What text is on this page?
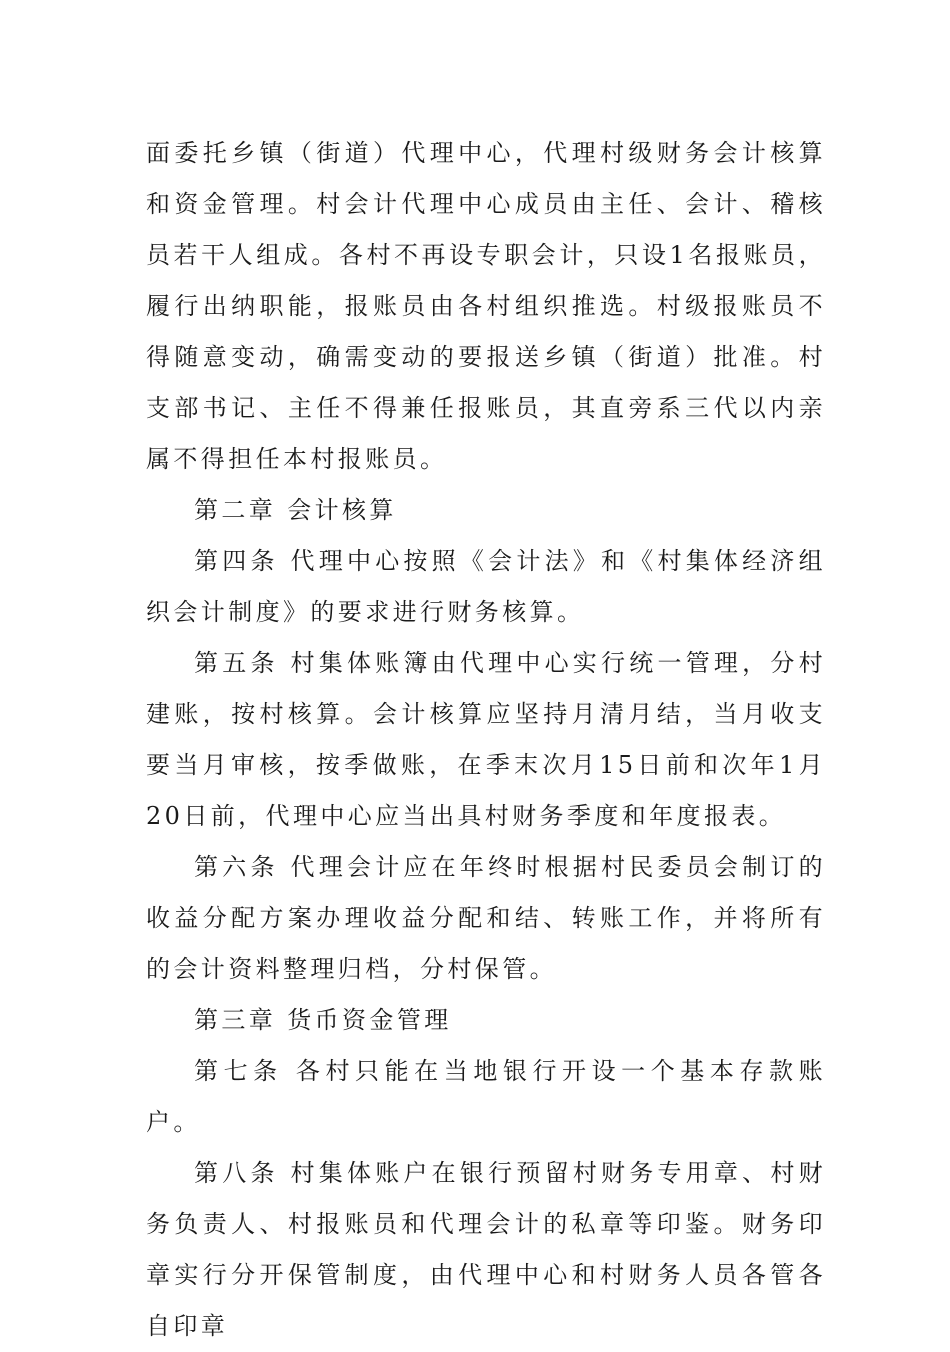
面委托乡镇（街道）代理中心，代理村级财务会计核算和资金管理。村会计代理中心成员由主任、会计、稽核员若干人组成。各村不再设专职会计，只设1名报账员，履行出纳职能，报账员由各村组织推选。村级报账员不得随意变动，确需变动的要报送乡镇（街道）批准。村支部书记、主任不得兼任报账员，其直旁系三代以内亲属不得担任本村报账员。

第二章 会计核算

第四条 代理中心按照《会计法》和《村集体经济组织会计制度》的要求进行财务核算。

第五条 村集体账簿由代理中心实行统一管理，分村建账，按村核算。会计核算应坚持月清月结，当月收支要当月审核，按季做账，在季末次月15日前和次年1月20日前，代理中心应当出具村财务季度和年度报表。

第六条 代理会计应在年终时根据村民委员会制订的收益分配方案办理收益分配和结、转账工作，并将所有的会计资料整理归档，分村保管。

第三章 货币资金管理

第七条 各村只能在当地银行开设一个基本存款账户。

第八条 村集体账户在银行预留村财务专用章、村财务负责人、村报账员和代理会计的私章等印鉴。财务印章实行分开保管制度，由代理中心和村财务人员各管各自印章
